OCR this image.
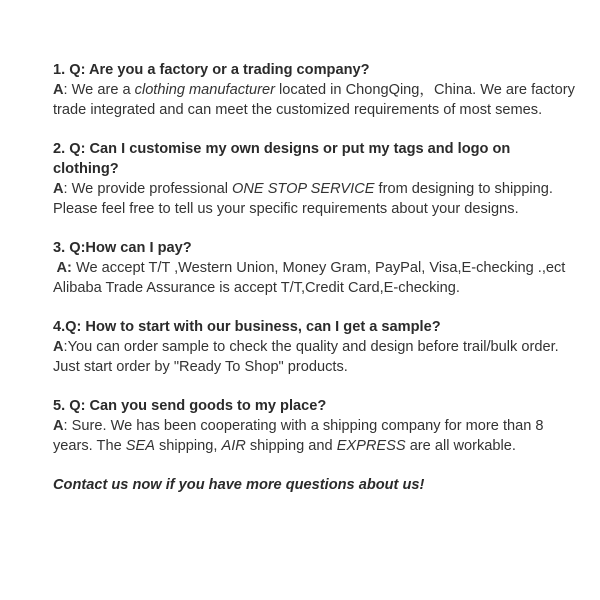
1. Q: Are you a factory or a trading company?

A: We are a clothing manufacturer located in ChongQing，China. We are factory trade integrated and can meet the customized requirements of most semes.

2. Q: Can I customise my own designs or put my tags and logo on clothing?

A: We provide professional ONE STOP SERVICE from designing to shipping. Please feel free to tell us your specific requirements about your designs.

3. Q:How can I pay?

A: We accept T/T ,Western Union, Money Gram, PayPal, Visa,E-checking .,ect Alibaba Trade Assurance is accept T/T,Credit Card,E-checking.

4.Q: How to start with our business, can I get a sample?

A:You can order sample to check the quality and design before trail/bulk order. Just start order by "Ready To Shop" products.

5. Q: Can you send goods to my place?

A: Sure. We has been cooperating with a shipping company for more than 8 years. The SEA shipping, AIR shipping and EXPRESS are all workable.

Contact us now if you have more questions about us!
